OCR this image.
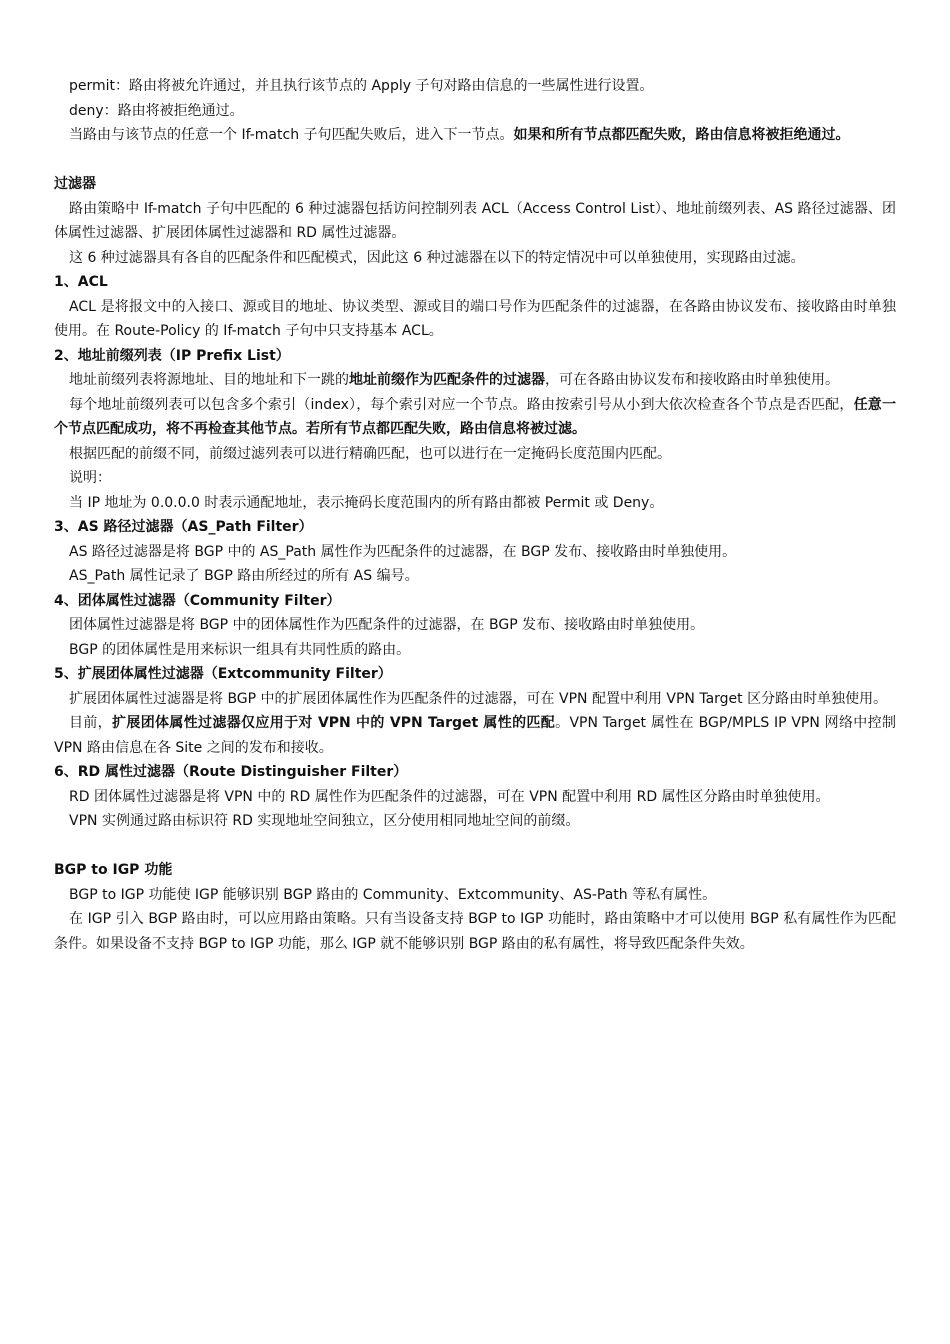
permit：路由将被允许通过，并且执行该节点的 Apply 子句对路由信息的一些属性进行设置。

deny：路由将被拒绝通过。

当路由与该节点的任意一个 If-match 子句匹配失败后，进入下一节点。如果和所有节点都匹配失败，路由信息将被拒绝通过。

过滤器

路由策略中 If-match 子句中匹配的 6 种过滤器包括访问控制列表 ACL（Access Control List）、地址前缀列表、AS 路径过滤器、团体属性过滤器、扩展团体属性过滤器和 RD 属性过滤器。

这 6 种过滤器具有各自的匹配条件和匹配模式，因此这 6 种过滤器在以下的特定情况中可以单独使用，实现路由过滤。

1、ACL

ACL 是将报文中的入接口、源或目的地址、协议类型、源或目的端口号作为匹配条件的过滤器，在各路由协议发布、接收路由时单独使用。在 Route-Policy 的 If-match 子句中只支持基本 ACL。

2、地址前缀列表（IP Prefix List）

地址前缀列表将源地址、目的地址和下一跳的地址前缀作为匹配条件的过滤器，可在各路由协议发布和接收路由时单独使用。

每个地址前缀列表可以包含多个索引（index），每个索引对应一个节点。路由按索引号从小到大依次检查各个节点是否匹配，任意一个节点匹配成功，将不再检查其他节点。若所有节点都匹配失败，路由信息将被过滤。

根据匹配的前缀不同，前缀过滤列表可以进行精确匹配，也可以进行在一定掩码长度范围内匹配。

说明：

当 IP 地址为 0.0.0.0 时表示通配地址，表示掩码长度范围内的所有路由都被 Permit 或 Deny。

3、AS 路径过滤器（AS_Path Filter）

AS 路径过滤器是将 BGP 中的 AS_Path 属性作为匹配条件的过滤器，在 BGP 发布、接收路由时单独使用。

AS_Path 属性记录了 BGP 路由所经过的所有 AS 编号。

4、团体属性过滤器（Community Filter）

团体属性过滤器是将 BGP 中的团体属性作为匹配条件的过滤器，在 BGP 发布、接收路由时单独使用。

BGP 的团体属性是用来标识一组具有共同性质的路由。

5、扩展团体属性过滤器（Extcommunity Filter）

扩展团体属性过滤器是将 BGP 中的扩展团体属性作为匹配条件的过滤器，可在 VPN 配置中利用 VPN Target 区分路由时单独使用。

目前，扩展团体属性过滤器仅应用于对 VPN 中的 VPN Target 属性的匹配。VPN Target 属性在 BGP/MPLS IP VPN 网络中控制 VPN 路由信息在各 Site 之间的发布和接收。

6、RD 属性过滤器（Route Distinguisher Filter）

RD 团体属性过滤器是将 VPN 中的 RD 属性作为匹配条件的过滤器，可在 VPN 配置中利用 RD 属性区分路由时单独使用。

VPN 实例通过路由标识符 RD 实现地址空间独立，区分使用相同地址空间的前缀。

BGP to IGP 功能

BGP to IGP 功能使 IGP 能够识别 BGP 路由的 Community、Extcommunity、AS-Path 等私有属性。

在 IGP 引入 BGP 路由时，可以应用路由策略。只有当设备支持 BGP to IGP 功能时，路由策略中才可以使用 BGP 私有属性作为匹配条件。如果设备不支持 BGP to IGP 功能，那么 IGP 就不能够识别 BGP 路由的私有属性，将导致匹配条件失效。
